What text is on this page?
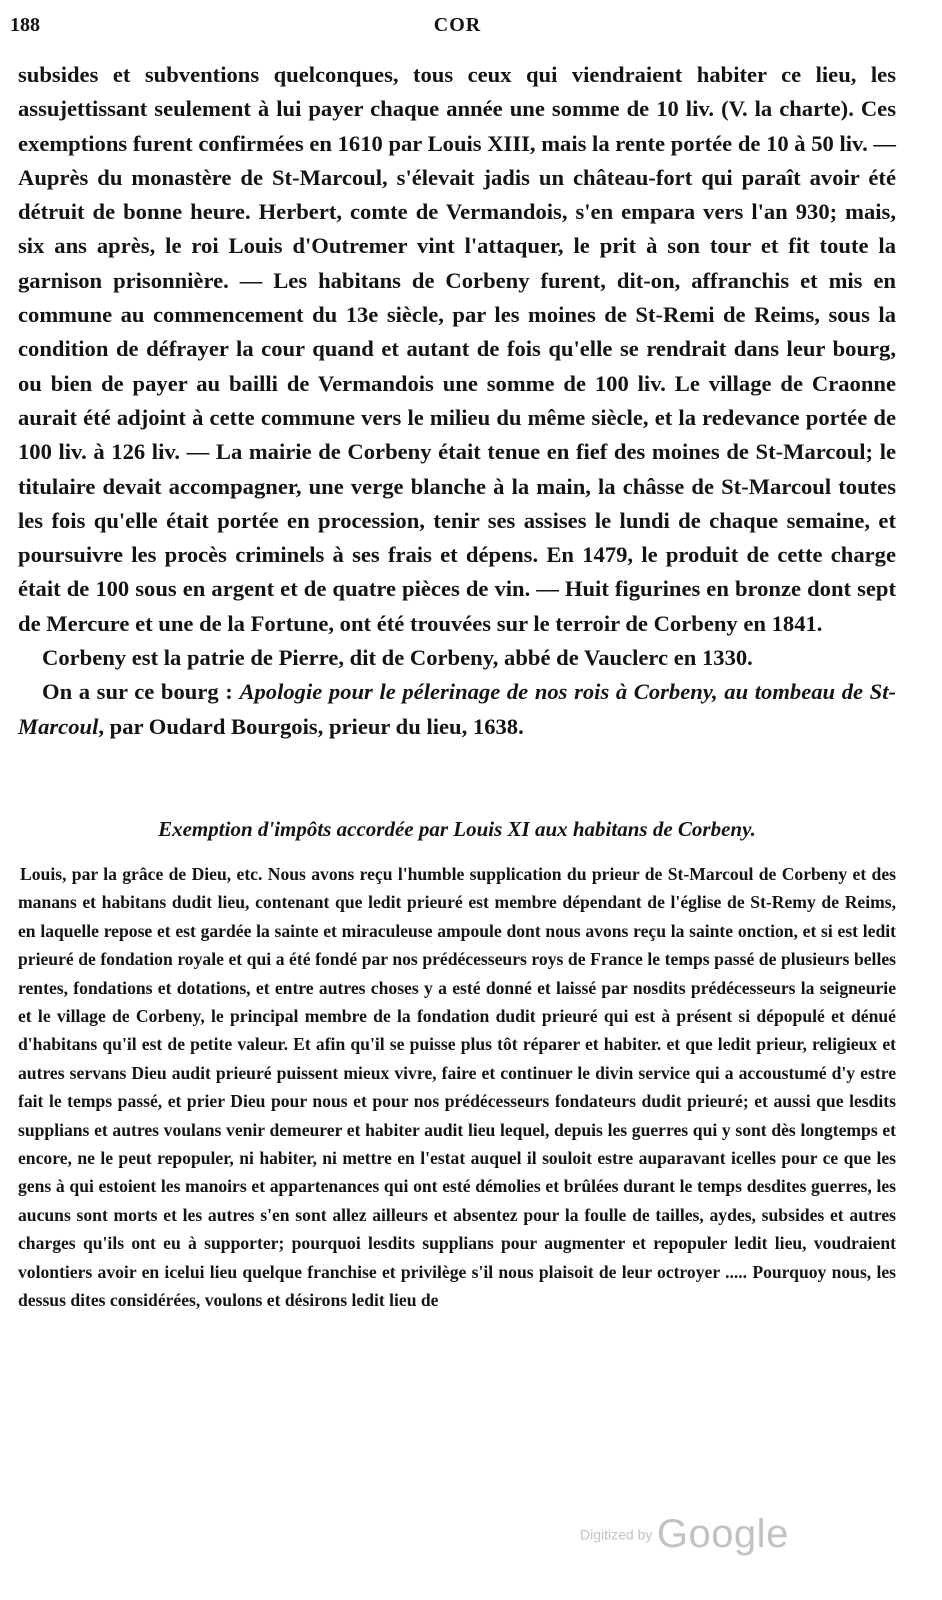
188	COR

subsides et subventions quelconques, tous ceux qui viendraient habiter ce lieu, les assujettissant seulement à lui payer chaque année une somme de 10 liv. (V. la charte). Ces exemptions furent confirmées en 1610 par Louis XIII, mais la rente portée de 10 à 50 liv. — Auprès du monastère de St-Marcoul, s'élevait jadis un château-fort qui paraît avoir été détruit de bonne heure. Herbert, comte de Vermandois, s'en empara vers l'an 930; mais, six ans après, le roi Louis d'Outremer vint l'attaquer, le prit à son tour et fit toute la garnison prisonnière. — Les habitans de Corbeny furent, dit-on, affranchis et mis en commune au commencement du 13e siècle, par les moines de St-Remi de Reims, sous la condition de défrayer la cour quand et autant de fois qu'elle se rendrait dans leur bourg, ou bien de payer au bailli de Vermandois une somme de 100 liv. Le village de Craonne aurait été adjoint à cette commune vers le milieu du même siècle, et la redevance portée de 100 liv. à 126 liv. — La mairie de Corbeny était tenue en fief des moines de St-Marcoul; le titulaire devait accompagner, une verge blanche à la main, la châsse de St-Marcoul toutes les fois qu'elle était portée en procession, tenir ses assises le lundi de chaque semaine, et poursuivre les procès criminels à ses frais et dépens. En 1479, le produit de cette charge était de 100 sous en argent et de quatre pièces de vin. — Huit figurines en bronze dont sept de Mercure et une de la Fortune, ont été trouvées sur le terroir de Corbeny en 1841.

Corbeny est la patrie de Pierre, dit de Corbeny, abbé de Vauclerc en 1330.

On a sur ce bourg : Apologie pour le pélerinage de nos rois à Corbeny, au tombeau de St-Marcoul, par Oudard Bourgois, prieur du lieu, 1638.

Exemption d'impôts accordée par Louis XI aux habitans de Corbeny.

Louis, par la grâce de Dieu, etc. Nous avons reçu l'humble supplication du prieur de St-Marcoul de Corbeny et des manans et habitans dudit lieu, contenant que ledit prieuré est membre dépendant de l'église de St-Remy de Reims, en laquelle repose et est gardée la sainte et miraculeuse ampoule dont nous avons reçu la sainte onction, et si est ledit prieuré de fondation royale et qui a été fondé par nos prédécesseurs roys de France le temps passé de plusieurs belles rentes, fondations et dotations, et entre autres choses y a esté donné et laissé par nosdits prédécesseurs la seigneurie et le village de Corbeny, le principal membre de la fondation dudit prieuré qui est à présent si dépopulé et dénué d'habitans qu'il est de petite valeur. Et afin qu'il se puisse plus tôt réparer et habiter. et que ledit prieur, religieux et autres servans Dieu audit prieuré puissent mieux vivre, faire et continuer le divin service qui a accoustumé d'y estre fait le temps passé, et prier Dieu pour nous et pour nos prédécesseurs fondateurs dudit prieuré; et aussi que lesdits supplians et autres voulans venir demeurer et habiter audit lieu lequel, depuis les guerres qui y sont dès longtemps et encore, ne le peut repopuler, ni habiter, ni mettre en l'estat auquel il souloit estre auparavant icelles pour ce que les gens à qui estoient les manoirs et appartenances qui ont esté démolies et brûlées durant le temps desdites guerres, les aucuns sont morts et les autres s'en sont allez ailleurs et absentez pour la foulle de tailles, aydes, subsides et autres charges qu'ils ont eu à supporter; pourquoi lesdits supplians pour augmenter et repopuler ledit lieu, voudraient volontiers avoir en icelui lieu quelque franchise et privilège s'il nous plaisoit de leur octroyer ..... Pourquoy nous, les dessus dites considérées, voulons et désirons ledit lieu de

Digitized by Google
